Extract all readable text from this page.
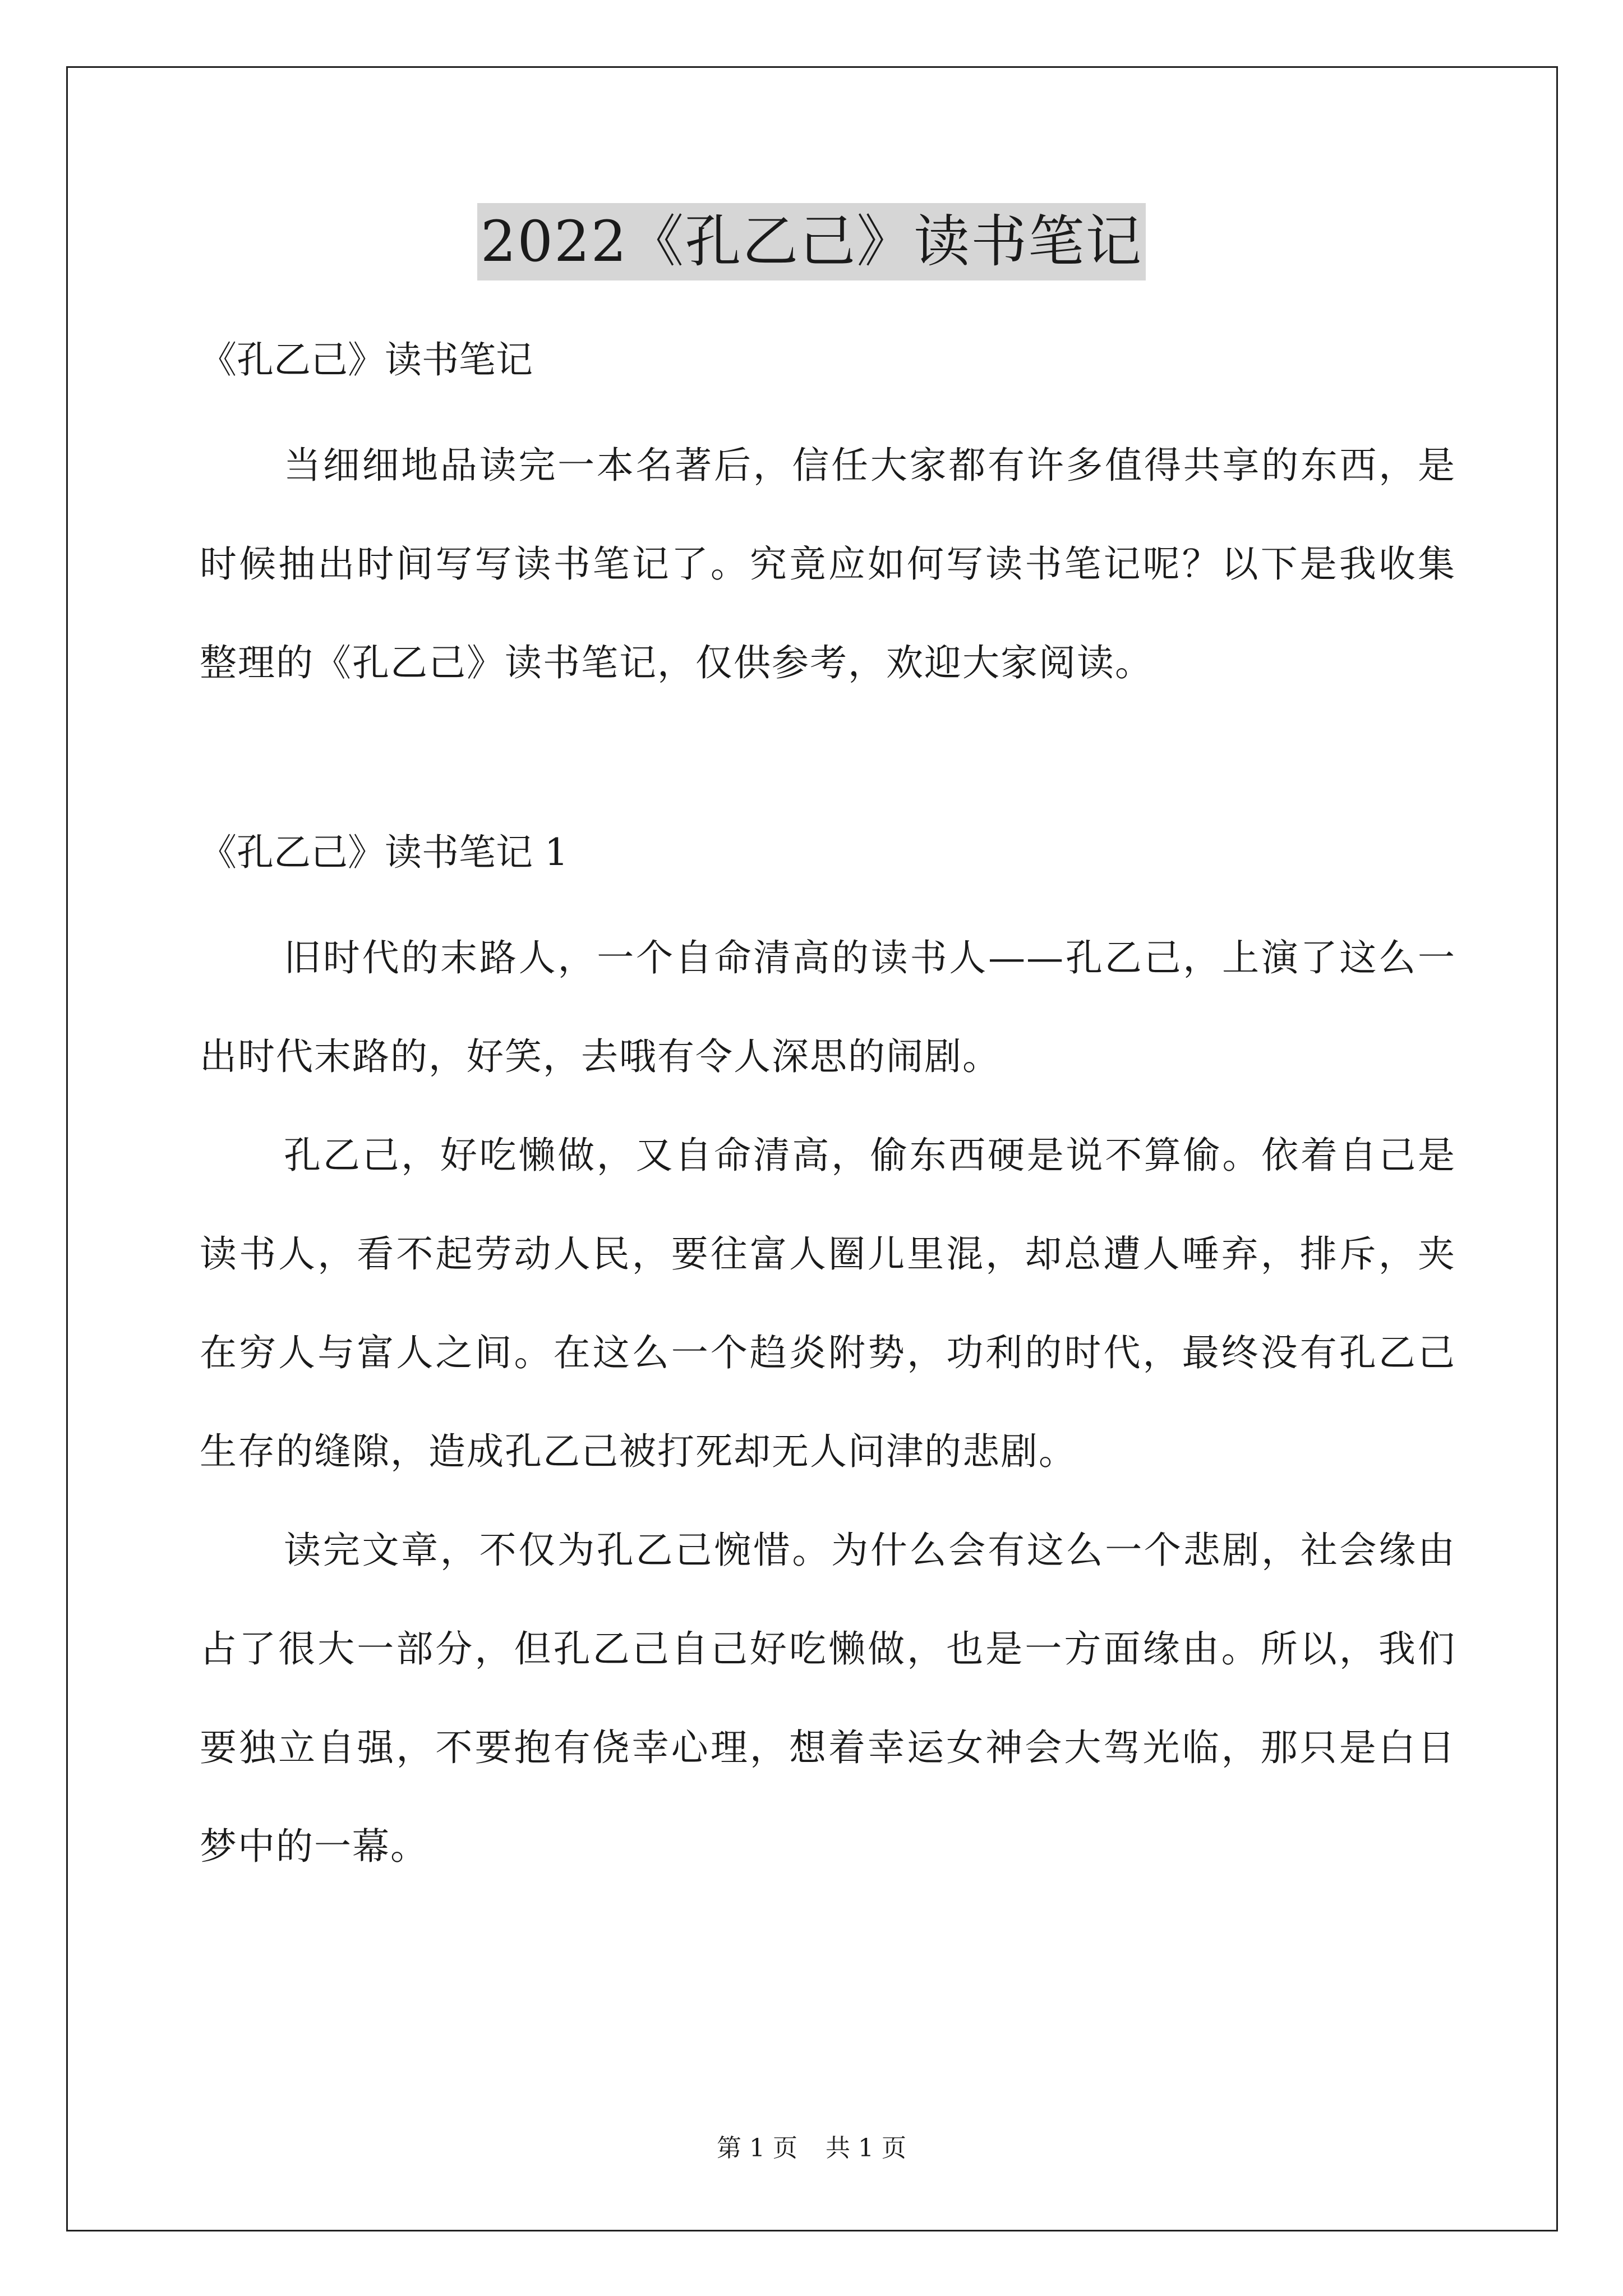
2022《孔乙己》读书笔记

《孔乙己》读书笔记

当细细地品读完一本名著后，信任大家都有许多值得共享的东西，是时候抽出时间写写读书笔记了。究竟应如何写读书笔记呢？以下是我收集整理的《孔乙己》读书笔记，仅供参考，欢迎大家阅读。

《孔乙己》读书笔记 1

旧时代的末路人，一个自命清高的读书人——孔乙己，上演了这么一出时代末路的，好笑，去哦有令人深思的闹剧。

孔乙己，好吃懒做，又自命清高，偷东西硬是说不算偷。依着自己是读书人，看不起劳动人民，要往富人圈儿里混，却总遭人唾弃，排斥，夹在穷人与富人之间。在这么一个趋炎附势，功利的时代，最终没有孔乙己生存的缝隙，造成孔乙己被打死却无人问津的悲剧。

读完文章，不仅为孔乙己惋惜。为什么会有这么一个悲剧，社会缘由占了很大一部分，但孔乙己自己好吃懒做，也是一方面缘由。所以，我们要独立自强，不要抱有侥幸心理，想着幸运女神会大驾光临，那只是白日梦中的一幕。

第 1 页 共 1 页
